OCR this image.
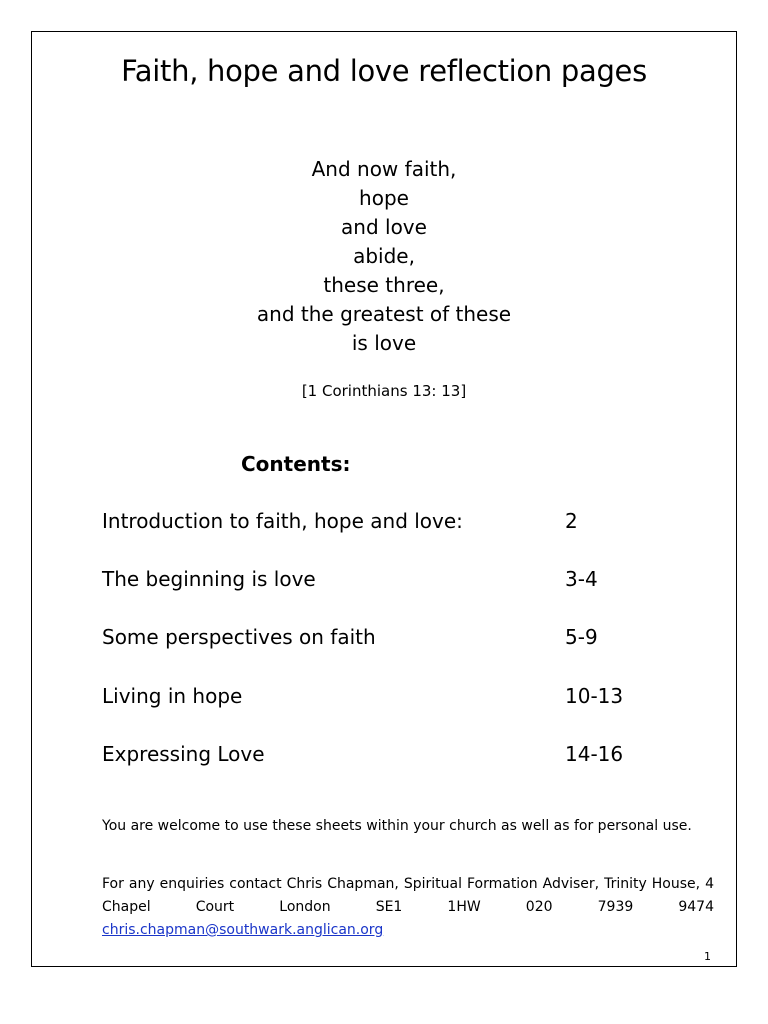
Faith, hope and love reflection pages
And now faith,
hope
and love
abide,
these three,
and the greatest of these
is love
[1 Corinthians 13: 13]
Contents:
Introduction to faith, hope and love:	2
The beginning is love	3-4
Some perspectives on faith	5-9
Living in hope	10-13
Expressing Love	14-16

You are welcome to use these sheets within your church as well as for personal use.

For any enquiries contact Chris Chapman, Spiritual Formation Adviser, Trinity House, 4 Chapel Court London SE1 1HW 020 7939 9474 chris.chapman@southwark.anglican.org

1
